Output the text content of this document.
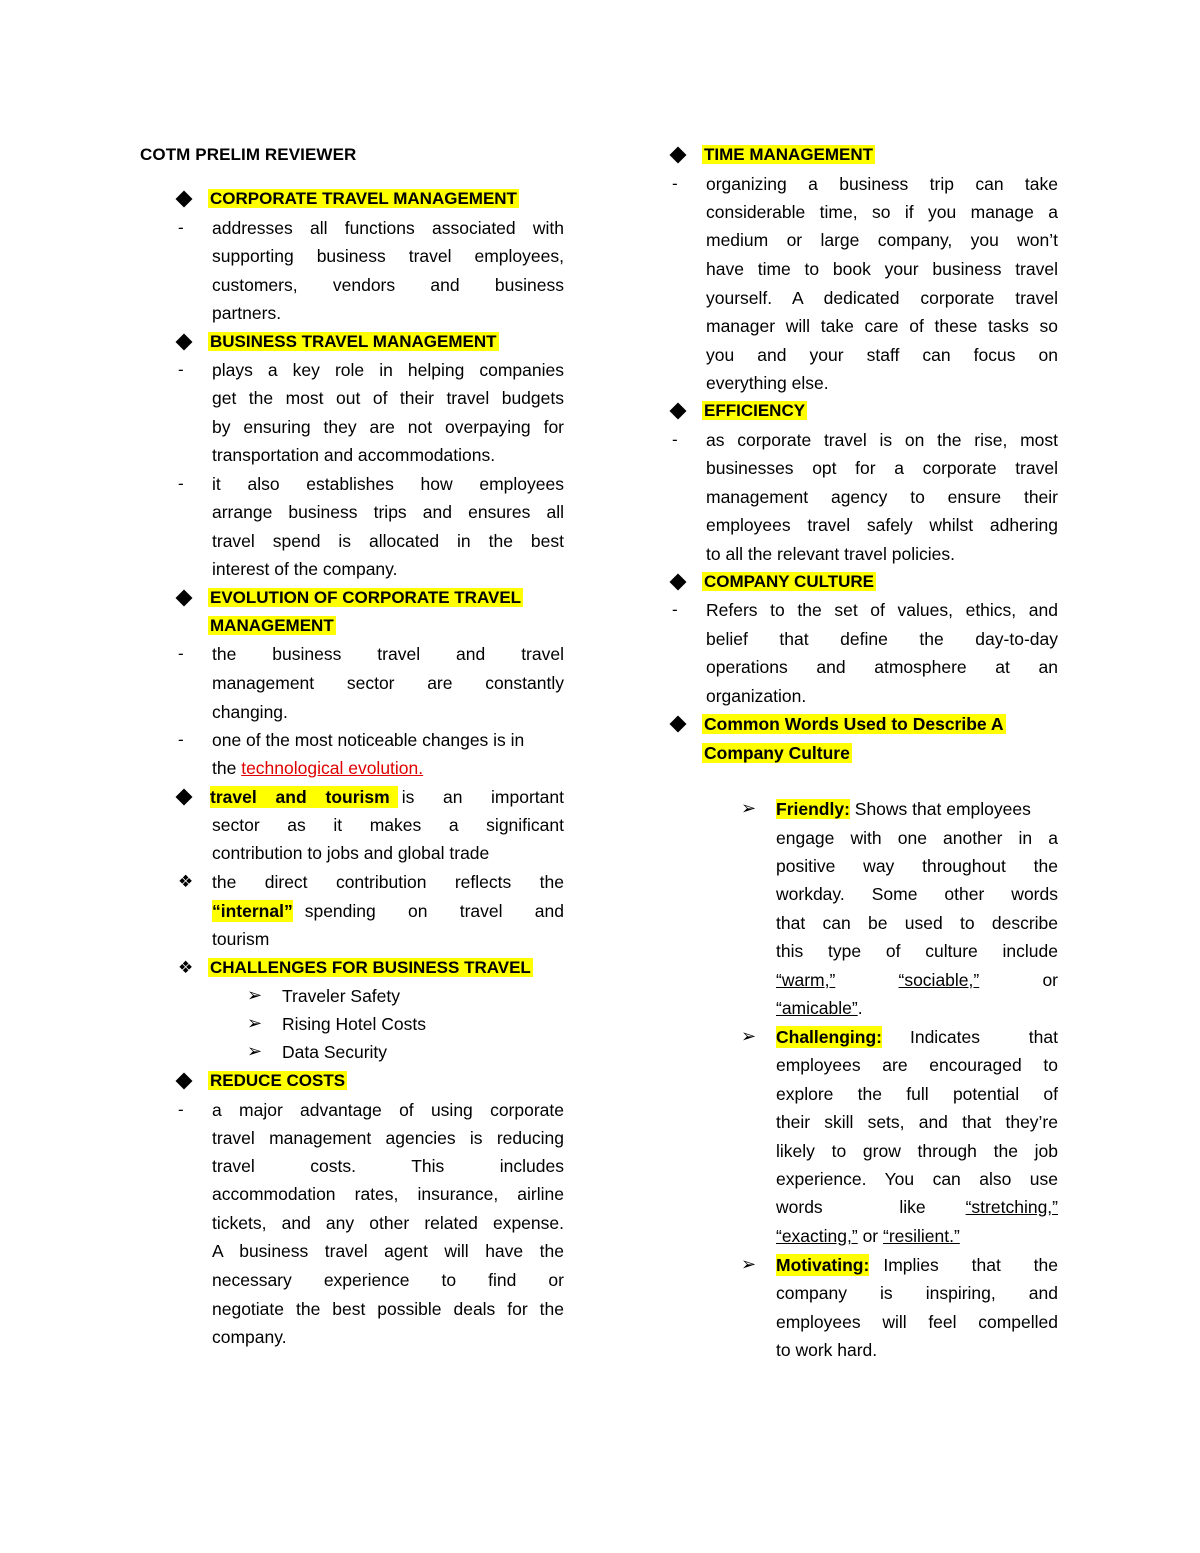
COTM PRELIM REVIEWER
CORPORATE TRAVEL MANAGEMENT
- addresses all functions associated with
supporting business travel employees,
customers, vendors and business
partners.
BUSINESS TRAVEL MANAGEMENT
- plays a key role in helping companies
get the most out of their travel budgets
by ensuring they are not overpaying for
transportation and accommodations.
- it also establishes how employees
arrange business trips and ensures all
travel spend is allocated in the best
interest of the company.
EVOLUTION OF CORPORATE TRAVEL
MANAGEMENT
- the business travel and travel
management sector are constantly
changing.
- one of the most noticeable changes is in
the technological evolution.
travel and tourism is an important
sector as it makes a significant
contribution to jobs and global trade
❖ the direct contribution reflects the
“internal” spending on travel and
tourism
❖ CHALLENGES FOR BUSINESS TRAVEL
➢ Traveler Safety
➢ Rising Hotel Costs
➢ Data Security
REDUCE COSTS
- a major advantage of using corporate
travel management agencies is reducing
travel costs. This includes
accommodation rates, insurance, airline
tickets, and any other related expense.
A business travel agent will have the
necessary experience to find or
negotiate the best possible deals for the
company.
TIME MANAGEMENT
- organizing a business trip can take
considerable time, so if you manage a
medium or large company, you won’t
have time to book your business travel
yourself. A dedicated corporate travel
manager will take care of these tasks so
you and your staff can focus on
everything else.
EFFICIENCY
- as corporate travel is on the rise, most
businesses opt for a corporate travel
management agency to ensure their
employees travel safely whilst adhering
to all the relevant travel policies.
COMPANY CULTURE
- Refers to the set of values, ethics, and
belief that define the day-to-day
operations and atmosphere at an
organization.
Common Words Used to Describe A
Company Culture
➢ Friendly: Shows that employees
engage with one another in a
positive way throughout the
workday. Some other words
that can be used to describe
this type of culture include
“warm,”	“sociable,”	or
“amicable”.
➢ Challenging:	Indicates that
employees are encouraged to
explore the full potential of
their skill sets, and that they’re
likely to grow through the job
experience. You can also use
words like	“stretching,”
“exacting,” or “resilient.”
➢ Motivating: Implies that the
company is inspiring, and
employees will feel compelled
to work hard.
